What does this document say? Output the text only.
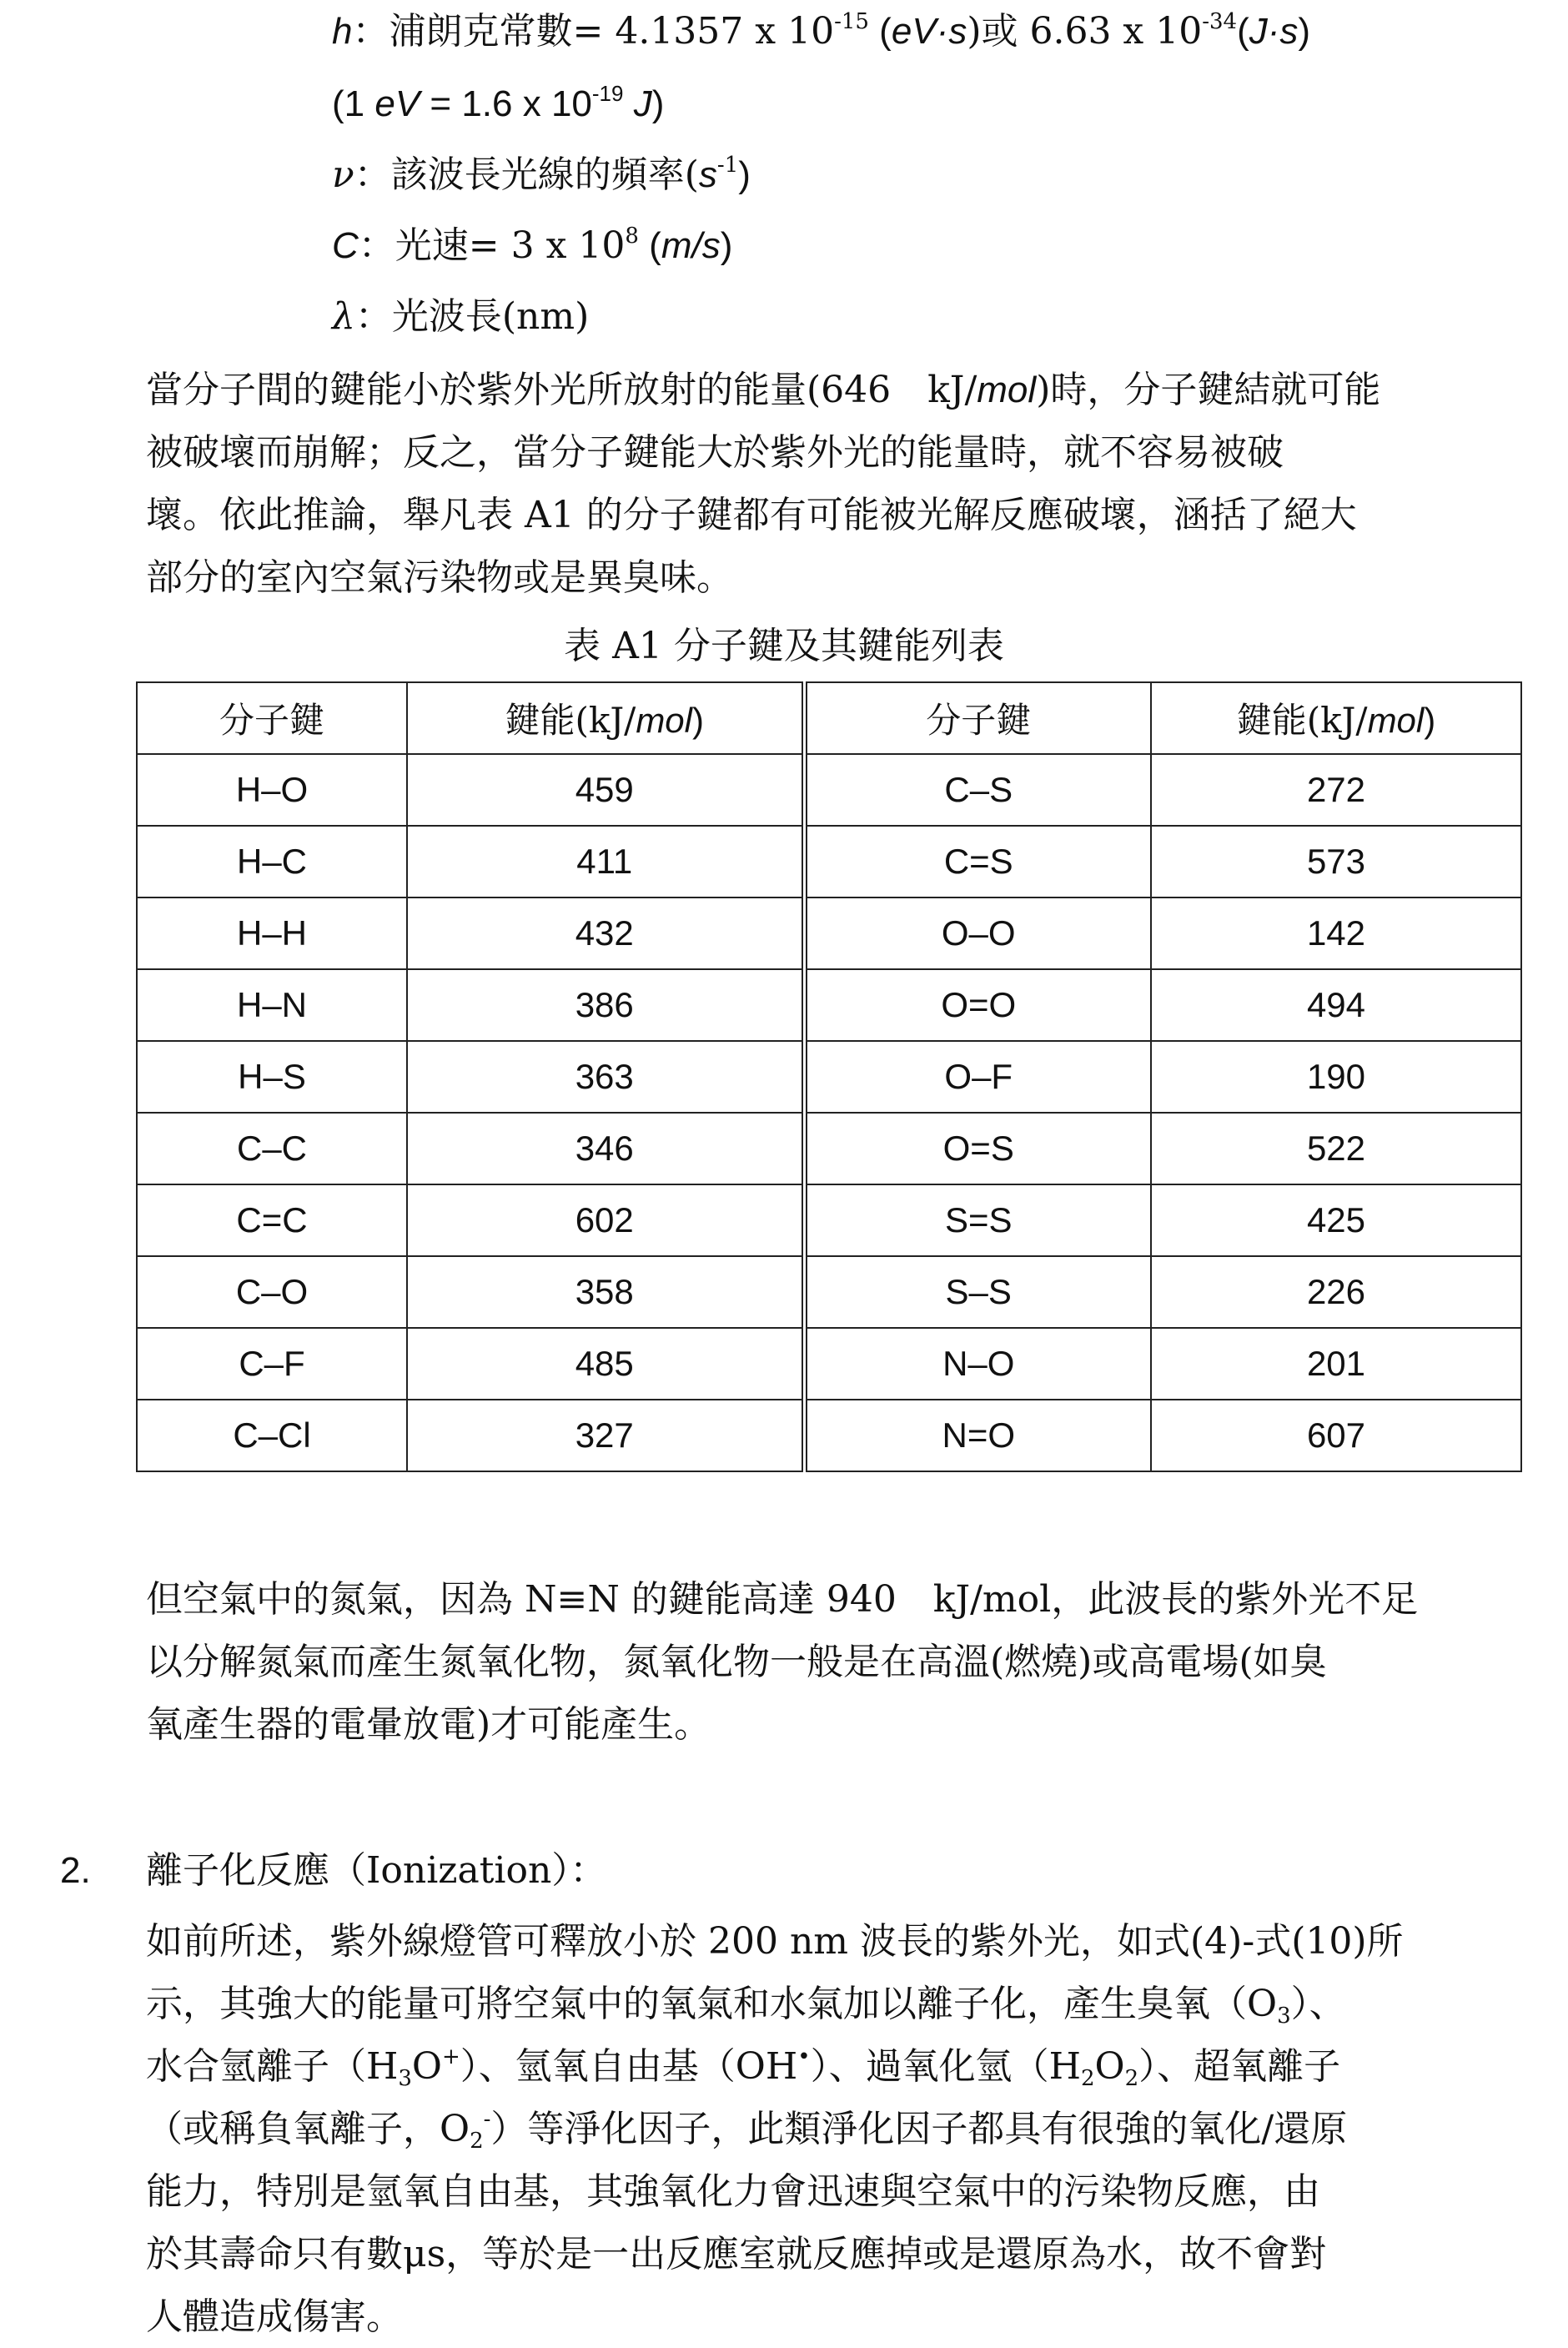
h：浦朗克常數= 4.1357 x $10^{-15}$ (eV·s)或 6.63 x $10^{-34}(J\cdot s)$
(1 eV = 1.6 x $10^{-19}$ J)
ν：該波長光線的頻率$(s^{-1})$
C：光速= 3 x $10^8$ (m/s)
λ：光波長(nm)
當分子間的鍵能小於紫外光所放射的能量(646　kJ/mol)時，分子鍵結就可能
被破壞而崩解；反之，當分子鍵能大於紫外光的能量時，就不容易被破
壞。依此推論，舉凡表 A1 的分子鍵都有可能被光解反應破壞，涵括了絕大
部分的室內空氣污染物或是異臭味。
表 A1 分子鍵及其鍵能列表
分子鍵	鍵能(kJ/mol)	分子鍵	鍵能(kJ/mol)
H–O	459	C–S	272
H–C	411	C=S	573
H–H	432	O–O	142
H–N	386	O=O	494
H–S	363	O–F	190
C–C	346	O=S	522
C=C	602	S=S	425
C–O	358	S–S	226
C–F	485	N–O	201
C–Cl	327	N=O	607
但空氣中的氮氣，因為 N≡N 的鍵能高達 940　kJ/mol，此波長的紫外光不足
以分解氮氣而產生氮氧化物，氮氧化物一般是在高溫(燃燒)或高電場(如臭
氧產生器的電暈放電)才可能產生。
2. 離子化反應（Ionization）：
如前所述，紫外線燈管可釋放小於 200 nm 波長的紫外光，如式(4)-式(10)所
示，其強大的能量可將空氣中的氧氣和水氣加以離子化，產生臭氧$(O_3)$、
水合氫離子$(H_3O^+)$、氫氧自由基（OH•）、過氧化氫$(H_2O_2)$、超氧離子
（或稱負氧離子，$O_2^-$）等淨化因子，此類淨化因子都具有很強的氧化/還原
能力，特別是氫氧自由基，其強氧化力會迅速與空氣中的污染物反應，由
於其壽命只有數μs，等於是一出反應室就反應掉或是還原為水，故不會對
人體造成傷害。
